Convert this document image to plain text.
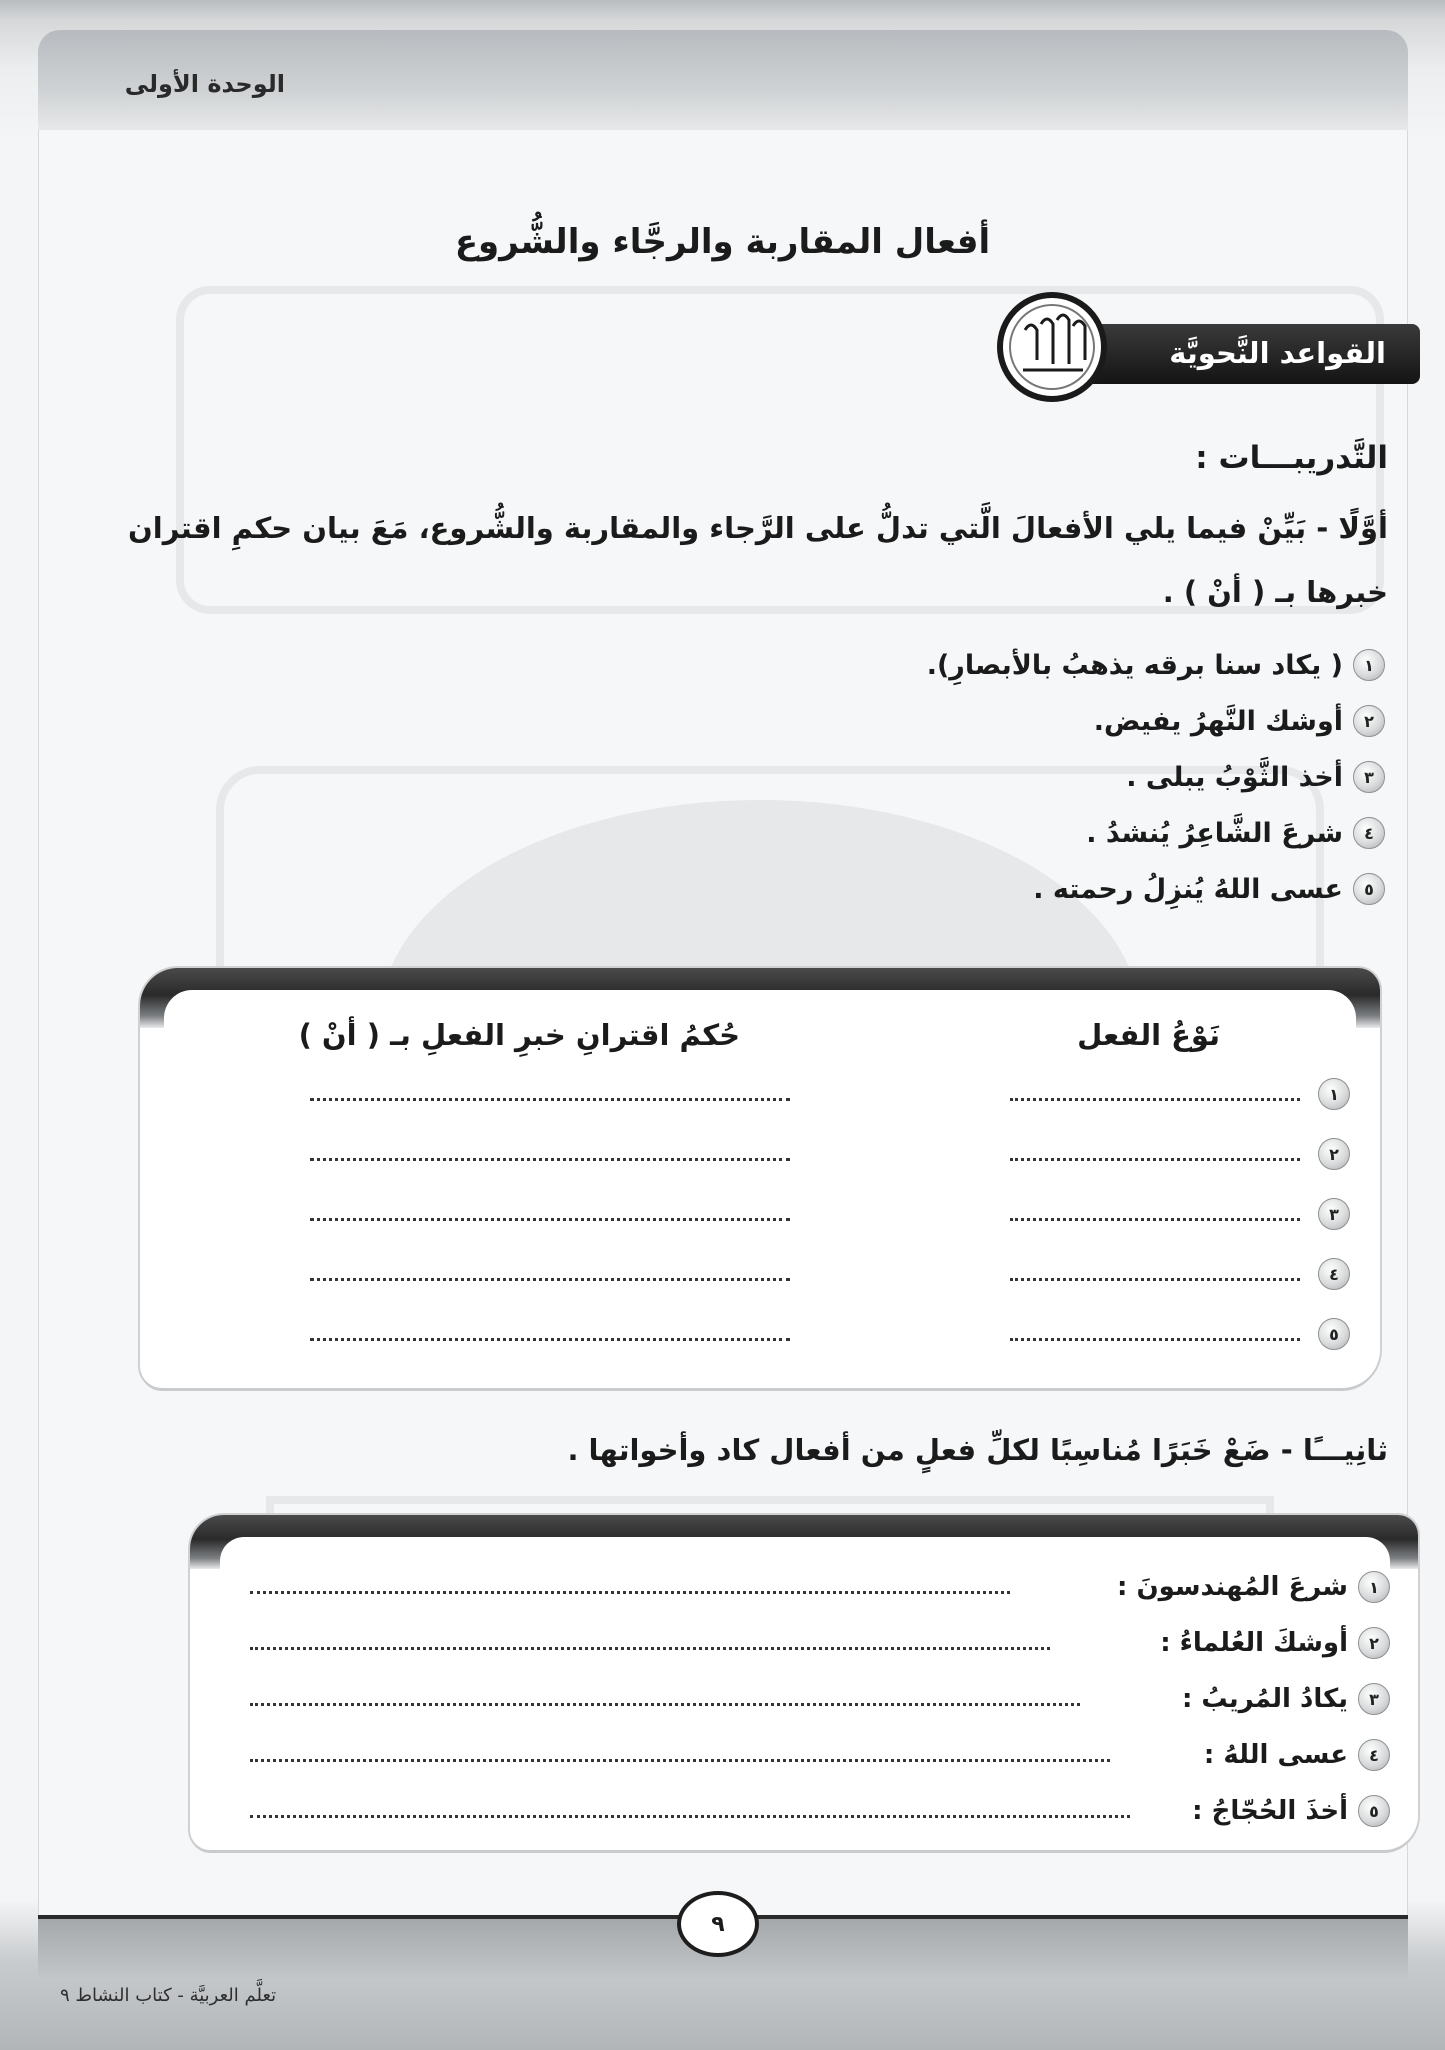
الوحدة الأولى
أفعال المقاربة والرجَّاء والشُّروع
القواعد النَّحويَّة
التَّدريبـــات :
أوَّلًا - بَيِّنْ فيما يلي الأفعالَ الَّتي تدلُّ على الرَّجاء والمقاربة والشُّروع، مَعَ بيان حكمِ اقتران
خبرها بـ ( أنْ ) .
١
( يكاد سنا برقه يذهبُ بالأبصارِ).
٢
أوشك النَّهرُ يفيض.
٣
أخذ الثَّوْبُ يبلى .
٤
شرعَ الشَّاعِرُ يُنشدُ .
٥
عسى اللهُ يُنزِلُ رحمته .
نَوْعُ الفعل
حُكمُ اقترانِ خبرِ الفعلِ بـ ( أنْ )
١
٢
٣
٤
٥
ثانِيـــًا - ضَعْ خَبَرًا مُناسِبًا لكلِّ فعلٍ من أفعال كاد وأخواتها .
١
شرعَ المُهندسونَ :
٢
أوشكَ العُلماءُ :
٣
يكادُ المُريبُ :
٤
عسى اللهُ :
٥
أخذَ الحُجّاجُ :
٩
تعلَّم العربيَّة - كتاب النشاط ٩
